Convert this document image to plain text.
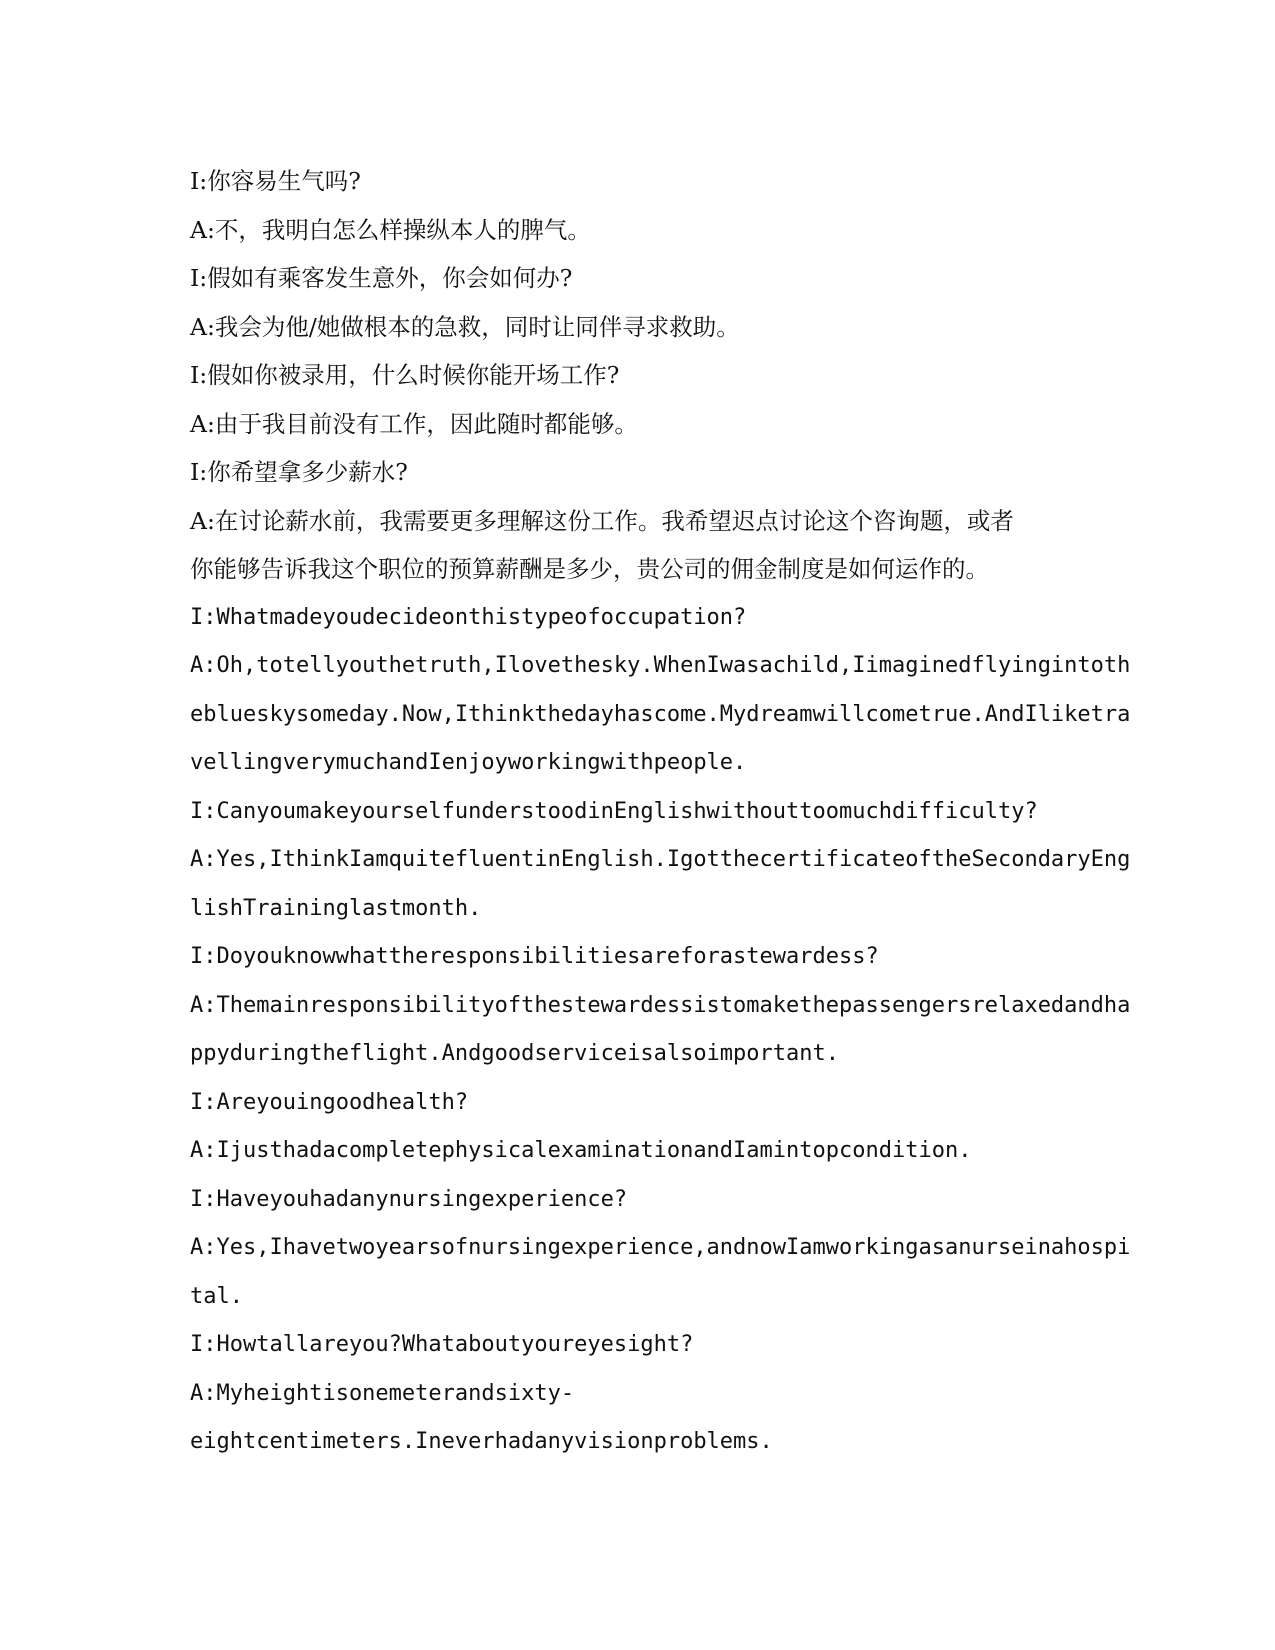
I:你容易生气吗?
A:不，我明白怎么样操纵本人的脾气。
I:假如有乘客发生意外，你会如何办?
A:我会为他/她做根本的急救，同时让同伴寻求救助。
I:假如你被录用，什么时候你能开场工作?
A:由于我目前没有工作，因此随时都能够。
I:你希望拿多少薪水?
A:在讨论薪水前，我需要更多理解这份工作。我希望迟点讨论这个咨询题，或者
你能够告诉我这个职位的预算薪酬是多少，贵公司的佣金制度是如何运作的。
I:Whatmadeyoudecideonthistypeofoccupation?
A:Oh,totellyouthetruth,Ilovethesky.WhenIwasachild,Iimaginedflyingintoth
eblueskysomeday.Now,Ithinkthedayhascome.Mydreamwillcometrue.AndIliketra
vellingverymuchandIenjoyworkingwithpeople.
I:CanyoumakeyourselfunderstoodinEnglishwithouttoomuchdifficulty?
A:Yes,IthinkIamquitefluentinEnglish.IgotthecertificateoftheSecondaryEng
lishTraininglastmonth.
I:Doyouknowwhattheresponsibilitiesareforastewardess?
A:Themainresponsibilityofthestewardessistomakethepassengersrelaxedandha
ppyduringtheflight.Andgoodserviceisalsoimportant.
I:Areyouingoodhealth?
A:IjusthadacompletephysicalexaminationandIamintopcondition.
I:Haveyouhadanynursingexperience?
A:Yes,Ihavetwoyearsofnursingexperience,andnowIamworkingasanurseinahospi
tal.
I:Howtallareyou?Whataboutyoureyesight?
A:Myheightisonemeterandsixty-
eightcentimeters.Ineverhadanyvisionproblems.
